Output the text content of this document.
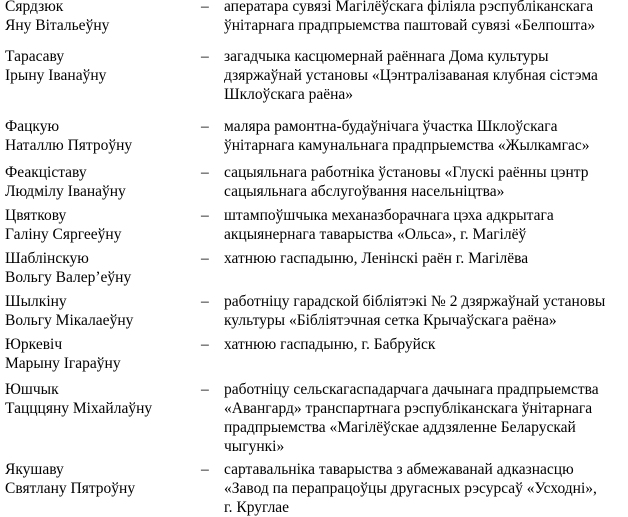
Сярдзюк
Яну Вітальеўну
– аператара сувязі Магілёўскага філіяла рэспубліканскага
ўнітарнага прадпрыемства паштовай сувязі «Белпошта»
Тарасаву
Ірыну Іванаўну
– загадчыка касцюмернай раённага Дома культуры
дзяржаўнай установы «Цэнтралізаваная клубная сістэма
Шклоўскага раёна»
Фацкую
Наталлю Пятроўну
– маляра рамонтна-будаўнічага ўчастка Шклоўскага
ўнітарнага камунальнага прадпрыемства «Жылкамгас»
Феакціставу
Людмілу Іванаўну
– сацыяльнага работніка ўстановы «Глускі раённы цэнтр
сацыяльнага абслугоўвання насельніцтва»
Цвяткову
Галіну Сяргееўну
– штампоўшчыка механазборачнага цэха адкрытага
акцыянернага таварыства «Ольса», г. Магілёў
Шаблінскую
Вольгу Валер’еўну
– хатнюю гаспадыню, Ленінскі раён г. Магілёва
Шылкіну
Вольгу Мікалаеўну
– работніцу гарадской бібліятэкі № 2 дзяржаўнай установы
культуры «Бібліятэчная сетка Крычаўскага раёна»
Юркевіч
Марыну Ігараўну
– хатнюю гаспадыню, г. Бабруйск
Юшчык
Тацццяну Міхайлаўну
– работніцу сельскагаспадарчага дачынага прадпрыемства
«Авангард» транспартнага рэспубліканскага ўнітарнага
прадпрыемства «Магілёўскае аддзяленне Беларускай
чыгункі»
Якушаву
Святлану Пятроўну
– сартавальніка таварыства з абмежаванай адказнасцю
«Завод па перапрацоўцы другасных рэсурсаў «Усходні»,
г. Круглае
